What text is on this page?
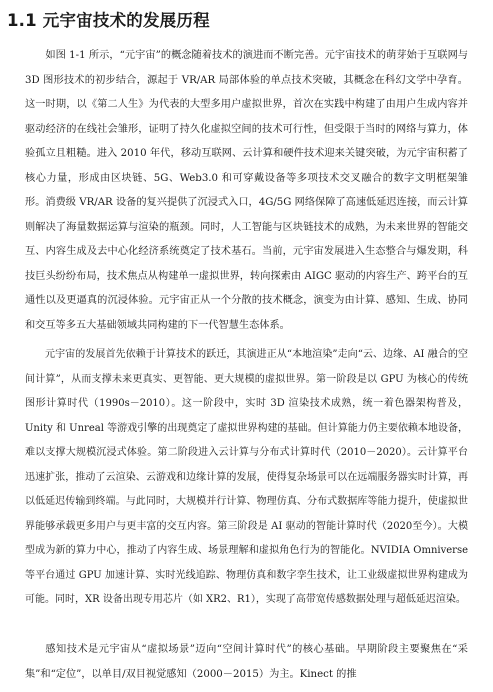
1.1 元宇宙技术的发展历程

如图 1-1 所示，“元宇宙”的概念随着技术的演进而不断完善。元宇宙技术的萌芽始于互联网与 3D 图形技术的初步结合，源起于 VR/AR 局部体验的单点技术突破，其概念在科幻文学中孕育。这一时期，以《第二人生》为代表的大型多用户虚拟世界，首次在实践中构建了由用户生成内容并驱动经济的在线社会雏形，证明了持久化虚拟空间的技术可行性，但受限于当时的网络与算力，体验孤立且粗糙。进入 2010 年代，移动互联网、云计算和硬件技术迎来关键突破，为元宇宙积蓄了核心力量，形成由区块链、5G、Web3.0 和可穿戴设备等多项技术交叉融合的数字文明框架雏形。消费级 VR/AR 设备的复兴提供了沉浸式入口，4G/5G 网络保障了高速低延迟连接，而云计算则解决了海量数据运算与渲染的瓶颈。同时，人工智能与区块链技术的成熟，为未来世界的智能交互、内容生成及去中心化经济系统奠定了技术基石。当前，元宇宙发展进入生态整合与爆发期，科技巨头纷纷布局，技术焦点从构建单一虚拟世界，转向探索由 AIGC 驱动的内容生产、跨平台的互通性以及更逼真的沉浸体验。元宇宙正从一个分散的技术概念，演变为由计算、感知、生成、协同和交互等多五大基础领域共同构建的下一代智慧生态体系。

元宇宙的发展首先依赖于计算技术的跃迁，其演进正从“本地渲染”走向“云、边缘、AI 融合的空间计算”，从而支撑未来更真实、更智能、更大规模的虚拟世界。第一阶段是以 GPU 为核心的传统图形计算时代（1990s－2010）。这一阶段中，实时 3D 渲染技术成熟，统一着色器架构普及，Unity 和 Unreal 等游戏引擎的出现奠定了虚拟世界构建的基础。但计算能力仍主要依赖本地设备，难以支撑大规模沉浸式体验。第二阶段进入云计算与分布式计算时代（2010－2020）。云计算平台迅速扩张，推动了云渲染、云游戏和边缘计算的发展，使得复杂场景可以在远端服务器实时计算，再以低延迟传输到终端。与此同时，大规模并行计算、物理仿真、分布式数据库等能力提升，使虚拟世界能够承载更多用户与更丰富的交互内容。第三阶段是 AI 驱动的智能计算时代（2020至今）。大模型成为新的算力中心，推动了内容生成、场景理解和虚拟角色行为的智能化。NVIDIA Omniverse 等平台通过 GPU 加速计算、实时光线追踪、物理仿真和数字孪生技术，让工业级虚拟世界构建成为可能。同时，XR 设备出现专用芯片（如 XR2、R1），实现了高带宽传感数据处理与超低延迟渲染。

感知技术是元宇宙从“虚拟场景”迈向“空间计算时代”的核心基础。早期阶段主要聚焦在“采集”和“定位”，以单目/双目视觉感知（2000－2015）为主。Kinect 的推
